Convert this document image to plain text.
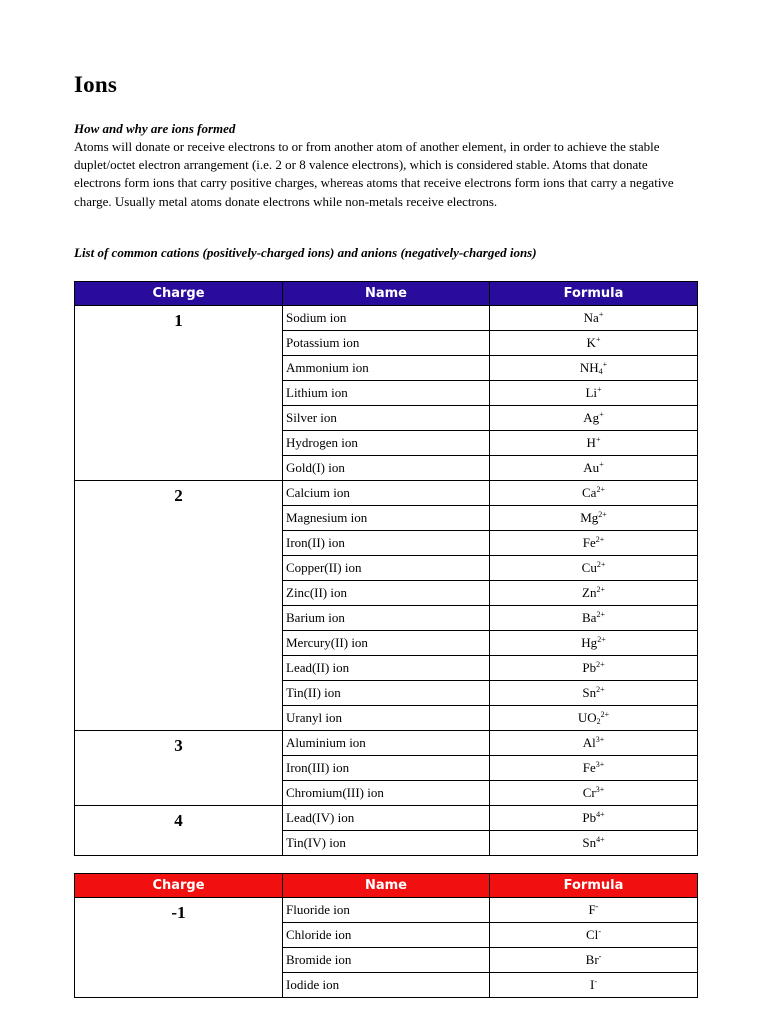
Ions

How and why are ions formed

Atoms will donate or receive electrons to or from another atom of another element, in order to achieve the stable duplet/octet electron arrangement (i.e. 2 or 8 valence electrons), which is considered stable. Atoms that donate electrons form ions that carry positive charges, whereas atoms that receive electrons form ions that carry a negative charge. Usually metal atoms donate electrons while non-metals receive electrons.

List of common cations (positively-charged ions) and anions (negatively-charged ions)

Charge	Name	Formula
1	Sodium ion	Na+
	Potassium ion	K+
	Ammonium ion	$NH_4^+$
	Lithium ion	Li+
	Silver ion	Ag+
	Hydrogen ion	H+
	Gold(I) ion	Au+
2	Calcium ion	$Ca^{2+}$
	Magnesium ion	$Mg^{2+}$
	Iron(II) ion	$Fe^{2+}$
	Copper(II) ion	$Cu^{2+}$
	Zinc(II) ion	$Zn^{2+}$
	Barium ion	$Ba^{2+}$
	Mercury(II) ion	$Hg^{2+}$
	Lead(II) ion	$Pb^{2+}$
	Tin(II) ion	$Sn^{2+}$
	Uranyl ion	$UO_2^{2+}$
3	Aluminium ion	$Al^{3+}$
	Iron(III) ion	$Fe^{3+}$
	Chromium(III) ion	$Cr^{3+}$
4	Lead(IV) ion	$Pb^{4+}$
	Tin(IV) ion	$Sn^{4+}$
Charge	Name	Formula
-1	Fluoride ion	F-
	Chloride ion	Cl-
	Bromide ion	Br-
	Iodide ion	I-
